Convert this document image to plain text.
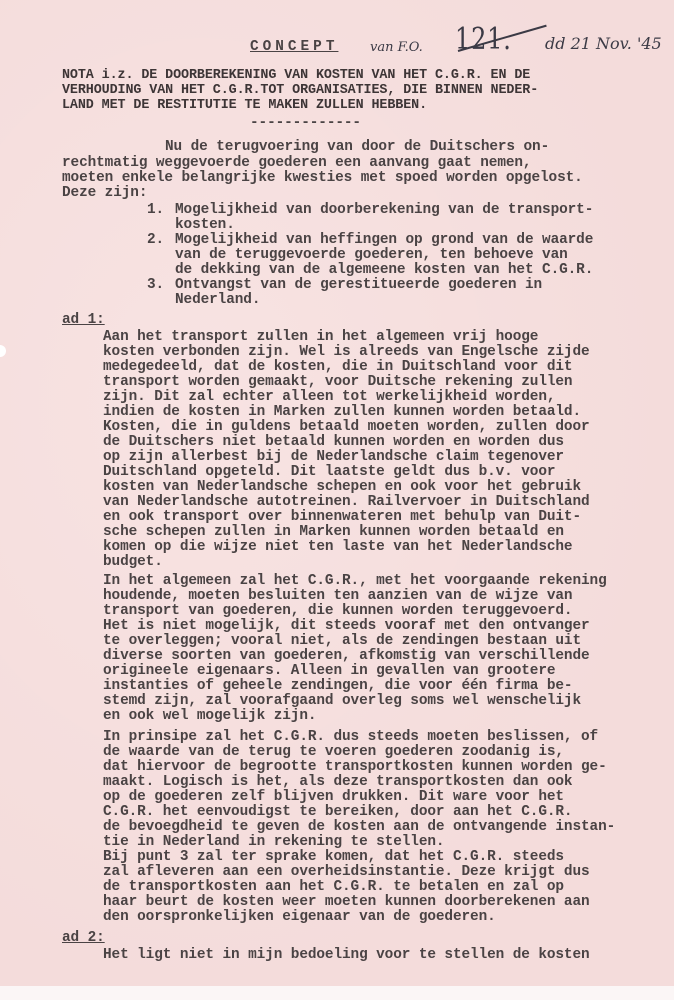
CONCEPT van F.O. 121. dd 21 Nov. '45
NOTA i.z. DE DOORBEREKENING VAN KOSTEN VAN HET C.G.R. EN DE
VERHOUDING VAN HET C.G.R.TOT ORGANISATIES, DIE BINNEN NEDER-
LAND MET DE RESTITUTIE TE MAKEN ZULLEN HEBBEN.
-------------
Nu de terugvoering van door de Duitschers on-
rechtmatig weggevoerde goederen een aanvang gaat nemen,
moeten enkele belangrijke kwesties met spoed worden opgelost.
Deze zijn:
1. Mogelijkheid van doorberekening van de transport-
kosten.
2. Mogelijkheid van heffingen op grond van de waarde
van de teruggevoerde goederen, ten behoeve van
de dekking van de algemeene kosten van het C.G.R.
3. Ontvangst van de gerestitueerde goederen in
Nederland.
ad 1:
Aan het transport zullen in het algemeen vrij hooge
kosten verbonden zijn. Wel is alreeds van Engelsche zijde
medegedeeld, dat de kosten, die in Duitschland voor dit
transport worden gemaakt, voor Duitsche rekening zullen
zijn. Dit zal echter alleen tot werkelijkheid worden,
indien de kosten in Marken zullen kunnen worden betaald.
Kosten, die in guldens betaald moeten worden, zullen door
de Duitschers niet betaald kunnen worden en worden dus
op zijn allerbest bij de Nederlandsche claim tegenover
Duitschland opgeteld. Dit laatste geldt dus b.v. voor
kosten van Nederlandsche schepen en ook voor het gebruik
van Nederlandsche autotreinen. Railvervoer in Duitschland
en ook transport over binnenwateren met behulp van Duit-
sche schepen zullen in Marken kunnen worden betaald en
komen op die wijze niet ten laste van het Nederlandsche
budget.
In het algemeen zal het C.G.R., met het voorgaande rekening
houdende, moeten besluiten ten aanzien van de wijze van
transport van goederen, die kunnen worden teruggevoerd.
Het is niet mogelijk, dit steeds vooraf met den ontvanger
te overleggen; vooral niet, als de zendingen bestaan uit
diverse soorten van goederen, afkomstig van verschillende
origineele eigenaars. Alleen in gevallen van grootere
instanties of geheele zendingen, die voor één firma be-
stemd zijn, zal voorafgaand overleg soms wel wenschelijk
en ook wel mogelijk zijn.
In prinsipe zal het C.G.R. dus steeds moeten beslissen, of
de waarde van de terug te voeren goederen zoodanig is,
dat hiervoor de begrootte transportkosten kunnen worden ge-
maakt. Logisch is het, als deze transportkosten dan ook
op de goederen zelf blijven drukken. Dit ware voor het
C.G.R. het eenvoudigst te bereiken, door aan het C.G.R.
de bevoegdheid te geven de kosten aan de ontvangende instan-
tie in Nederland in rekening te stellen.
Bij punt 3 zal ter sprake komen, dat het C.G.R. steeds
zal afleveren aan een overheidsinstantie. Deze krijgt dus
de transportkosten aan het C.G.R. te betalen en zal op
haar beurt de kosten weer moeten kunnen doorberekenen aan
den oorspronkelijken eigenaar van de goederen.
ad 2:
Het ligt niet in mijn bedoeling voor te stellen de kosten
